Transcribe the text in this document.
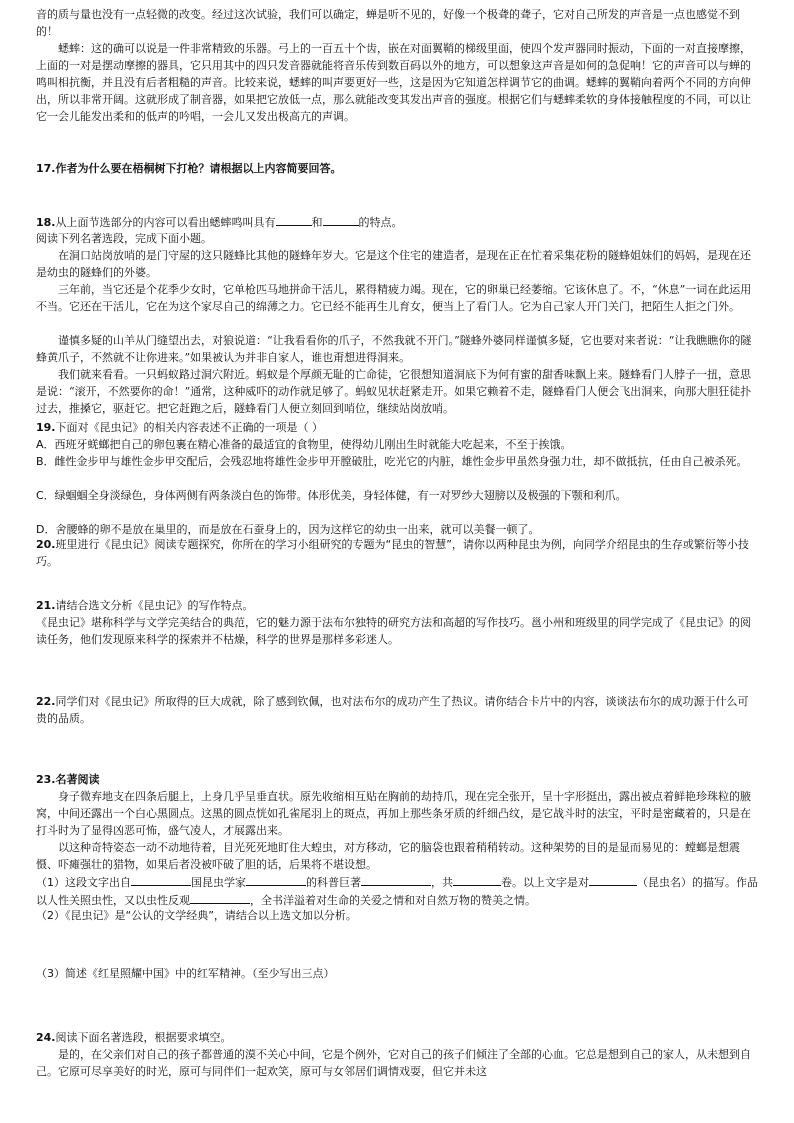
音的质与量也没有一点轻微的改变。经过这次试验，我们可以确定，蝉是听不见的，好像一个极聋的聋子，它对自己所发的声音是一点也感觉不到的！

蟋蟀：这的确可以说是一件非常精致的乐器。弓上的一百五十个齿，嵌在对面翼鞘的梯级里面，使四个发声器同时振动，下面的一对直接摩擦，上面的一对是摆动摩擦的器具，它只用其中的四只发音器就能将音乐传到数百码以外的地方，可以想象这声音是如何的急促响！它的声音可以与蝉的鸣叫相抗衡，并且没有后者粗糙的声音。比较来说，蟋蟀的叫声要更好一些，这是因为它知道怎样调节它的曲调。蟋蟀的翼鞘向着两个不同的方向伸出，所以非常开阔。这就形成了制音器，如果把它放低一点，那么就能改变其发出声音的强度。根据它们与蟋蟀柔软的身体接触程度的不同，可以让它一会儿能发出柔和的低声的吟唱，一会儿又发出极高亢的声调。

17.作者为什么要在梧桐树下打枪？请根据以上内容简要回答。

18.从上面节选部分的内容可以看出蟋蟀鸣叫具有	和	的特点。

阅读下列名著选段，完成下面小题。

在洞口站岗放哨的是门守屋的这只隧蜂比其他的隧蜂年岁大。它是这个住宅的建造者，是现在正在忙着采集花粉的隧蜂姐妹们的妈妈，是现在还是幼虫的隧蜂们的外婆。

三年前，当它还是个花季少女时，它单枪匹马地拼命干活儿，累得精疲力竭。现在，它的卵巢已经萎缩。它该休息了。不，“休息”一词在此运用不当。它还在干活儿，它在为这个家尽自己的绵薄之力。它已经不能再生儿育女，便当上了看门人。它为自己家人开门关门，把陌生人拒之门外。

谨慎多疑的山羊从门缝望出去，对狼说道：“让我看看你的爪子，不然我就不开门。”隧蜂外婆同样谨慎多疑，它也要对来者说：“让我瞧瞧你的隧蜂黄爪子，不然就不让你进来。”如果被认为并非自家人，谁也甭想进得洞来。

我们就来看看。一只蚂蚁路过洞穴附近。蚂蚁是个厚颜无耻的亡命徒，它很想知道洞底下为何有蜜的甜香味飘上来。隧蜂看门人脖子一扭，意思是说：“滚开，不然要你的命！”通常，这种威吓的动作就足够了。蚂蚁见状赶紧走开。如果它赖着不走，隧蜂看门人便会飞出洞来，向那大胆狂徒扑过去，推搡它，驱赶它。把它赶跑之后，隧蜂看门人便立刻回到哨位，继续站岗放哨。

19.下面对《昆虫记》的相关内容表述不正确的一项是（ ）

A．西班牙蜣螂把自己的卵包裹在精心准备的最适宜的食物里，使得幼儿刚出生时就能大吃起来，不至于挨饿。

B．雌性金步甲与雄性金步甲交配后，会残忍地将雄性金步甲开膛破肚，吃光它的内脏，雄性金步甲虽然身强力壮，却不做抵抗，任由自己被杀死。

C．绿蝈蝈全身淡绿色，身体两侧有两条淡白色的饰带。体形优美，身轻体健，有一对罗纱大翅膀以及极强的下颚和利爪。

D．舍腰蜂的卵不是放在巢里的，而是放在石蚕身上的，因为这样它的幼虫一出来，就可以美餐一顿了。

20.班里进行《昆虫记》阅读专题探究，你所在的学习小组研究的专题为“昆虫的智慧”，请你以两种昆虫为例，向同学介绍昆虫的生存或繁衍等小技巧。

21.请结合选文分析《昆虫记》的写作特点。

《昆虫记》堪称科学与文学完美结合的典范，它的魅力源于法布尔独特的研究方法和高超的写作技巧。邕小州和班级里的同学完成了《昆虫记》的阅读任务，他们发现原来科学的探索并不枯燥，科学的世界是那样多彩迷人。

22.同学们对《昆虫记》所取得的巨大成就，除了感到钦佩，也对法布尔的成功产生了热议。请你结合卡片中的内容，谈谈法布尔的成功源于什么可贵的品质。

23.名著阅读

身子微弃地支在四条后腿上，上身几乎呈垂直状。原先收缩相互贴在胸前的劫持爪，现在完全张开，呈十字形挺出，露出被点着鲜艳珍珠粒的腋窝，中间还露出一个白心黑圆点。这黑的圆点恍如孔雀尾羽上的斑点，再加上那些条牙质的纤细凸纹，是它战斗时的法宝，平时是密藏着的，只是在打斗时为了显得凶恶可怖，盛气凌人，才展露出来。

以这种奇特姿态一动不动地待着，目光死死地盯住大蝗虫，对方移动，它的脑袋也跟着稍稍转动。这种架势的目的是显而易见的：螳螂是想震慑、吓瘫强壮的猎物，如果后者没被吓破了胆的话，后果将不堪设想。

（1）这段文字出自	国昆虫学家	的科普巨著	，共	卷。以上文字是对	（昆虫名）的描写。作品以人性关照虫性，又以虫性反观	，全书洋溢着对生命的关爱之情和对自然万物的赞美之情。

（2）《昆虫记》是“公认的文学经典”，请结合以上选文加以分析。

（3）简述《红星照耀中国》中的红军精神。（至少写出三点）

24.阅读下面名著选段，根据要求填空。

是的，在父亲们对自己的孩子都普通的漠不关心中间，它是个例外，它对自己的孩子们倾注了全部的心血。它总是想到自己的家人，从未想到自己。它原可尽享美好的时光，原可与同伴们一起欢笑，原可与女邻居们调情戏耍，但它并未这
